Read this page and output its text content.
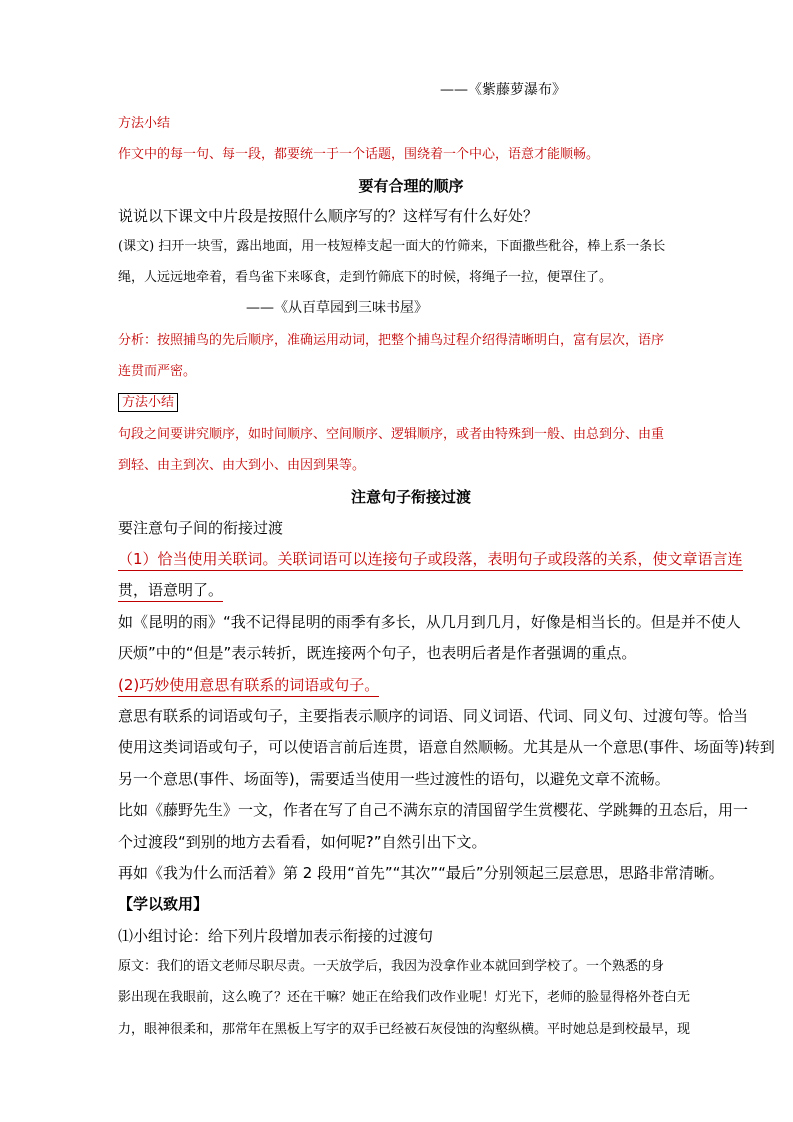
——《紫藤萝瀑布》
方法小结
作文中的每一句、每一段，都要统一于一个话题，围绕着一个中心，语意才能顺畅。
要有合理的顺序
说说以下课文中片段是按照什么顺序写的？这样写有什么好处？
(课文) 扫开一块雪，露出地面，用一枝短棒支起一面大的竹筛来，下面撒些秕谷，棒上系一条长
绳，人远远地牵着，看鸟雀下来啄食，走到竹筛底下的时候，将绳子一拉，便罩住了。
——《从百草园到三味书屋》
分析：按照捕鸟的先后顺序，准确运用动词，把整个捕鸟过程介绍得清晰明白，富有层次，语序
连贯而严密。
方法小结
句段之间要讲究顺序，如时间顺序、空间顺序、逻辑顺序，或者由特殊到一般、由总到分、由重
到轻、由主到次、由大到小、由因到果等。
注意句子衔接过渡
要注意句子间的衔接过渡
（1）恰当使用关联词。关联词语可以连接句子或段落，表明句子或段落的关系，使文章语言连
贯，语意明了。
如《昆明的雨》“我不记得昆明的雨季有多长，从几月到几月，好像是相当长的。但是并不使人
厌烦”中的“但是”表示转折，既连接两个句子，也表明后者是作者强调的重点。
(2)巧妙使用意思有联系的词语或句子。
意思有联系的词语或句子，主要指表示顺序的词语、同义词语、代词、同义句、过渡句等。恰当
使用这类词语或句子，可以使语言前后连贯，语意自然顺畅。尤其是从一个意思(事件、场面等)转到
另一个意思(事件、场面等)，需要适当使用一些过渡性的语句，以避免文章不流畅。
比如《藤野先生》一文，作者在写了自己不满东京的清国留学生赏樱花、学跳舞的丑态后，用一
个过渡段“到别的地方去看看，如何呢?”自然引出下文。
再如《我为什么而活着》第 2 段用“首先”“其次”“最后”分别领起三层意思，思路非常清晰。
【学以致用】
⑴小组讨论：给下列片段增加表示衔接的过渡句
原文：我们的语文老师尽职尽责。一天放学后，我因为没拿作业本就回到学校了。一个熟悉的身
影出现在我眼前，这么晚了？还在干嘛？她正在给我们改作业呢！灯光下，老师的脸显得格外苍白无
力，眼神很柔和，那常年在黑板上写字的双手已经被石灰侵蚀的沟壑纵横。平时她总是到校最早，现
